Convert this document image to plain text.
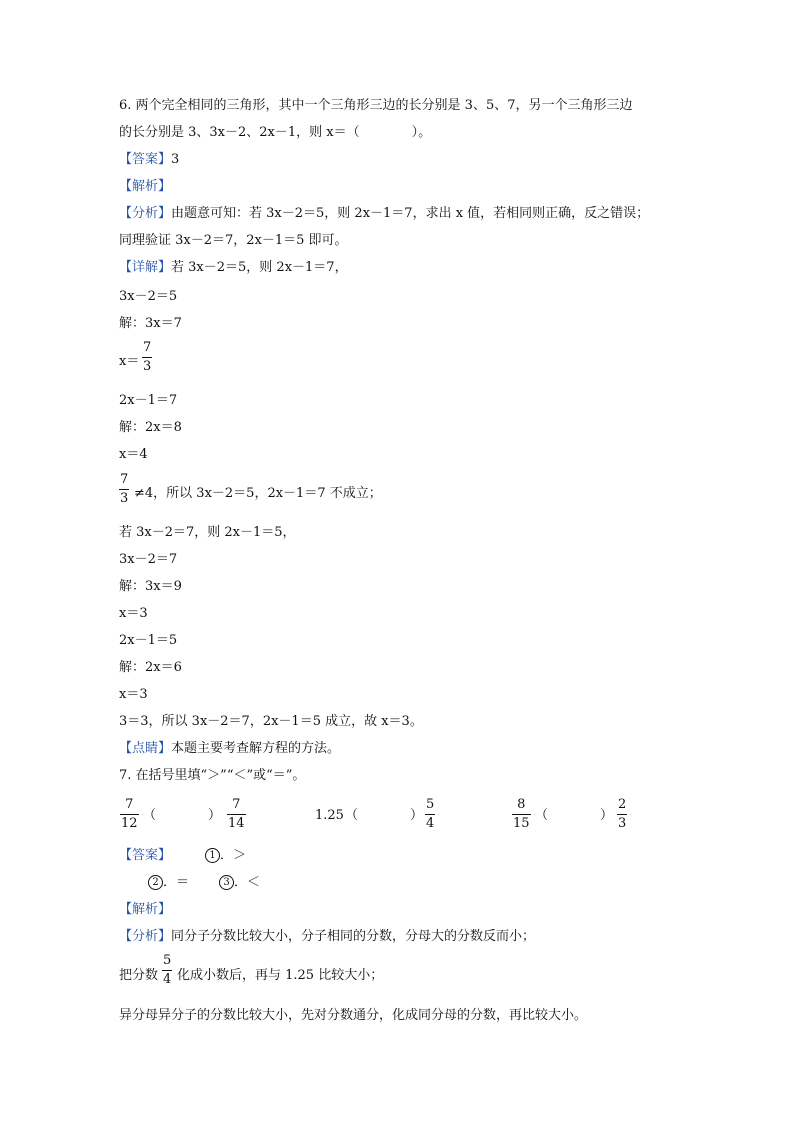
6. 两个完全相同的三角形，其中一个三角形三边的长分别是 3、5、7，另一个三角形三边
的长分别是 3、3x－2、2x－1，则 x＝（　　　　）。
【答案】3
【解析】
【分析】由题意可知：若 3x－2＝5，则 2x－1＝7，求出 x 值，若相同则正确，反之错误；
同理验证 3x－2＝7，2x－1＝5 即可。
【详解】若 3x－2＝5，则 2x－1＝7，
3x－2＝5
解：3x＝7
x＝
7
3
2x－1＝7
解：2x＝8
x＝4
7
3 ≠4，所以 3x－2＝5，2x－1＝7 不成立；
若 3x－2＝7，则 2x－1＝5，
3x－2＝7
解：3x＝9
x＝3
2x－1＝5
解：2x＝6
x＝3
3＝3，所以 3x－2＝7，2x－1＝5 成立，故 x＝3。
【点睛】本题主要考查解方程的方法。
7. 在括号里填“＞”“＜”或“＝”。
7
12
（　　　　）
7
14
1.25 （　　　　）
5
4
8
15
（　　　　）
2
3
【答案】	1 ．＞
2 ．＝	3 ．＜
【解析】
【分析】同分子分数比较大小，分子相同的分数，分母大的分数反而小；
把分数
5
4 化成小数后，再与 1.25 比较大小；
异分母异分子的分数比较大小，先对分数通分，化成同分母的分数，再比较大小。
